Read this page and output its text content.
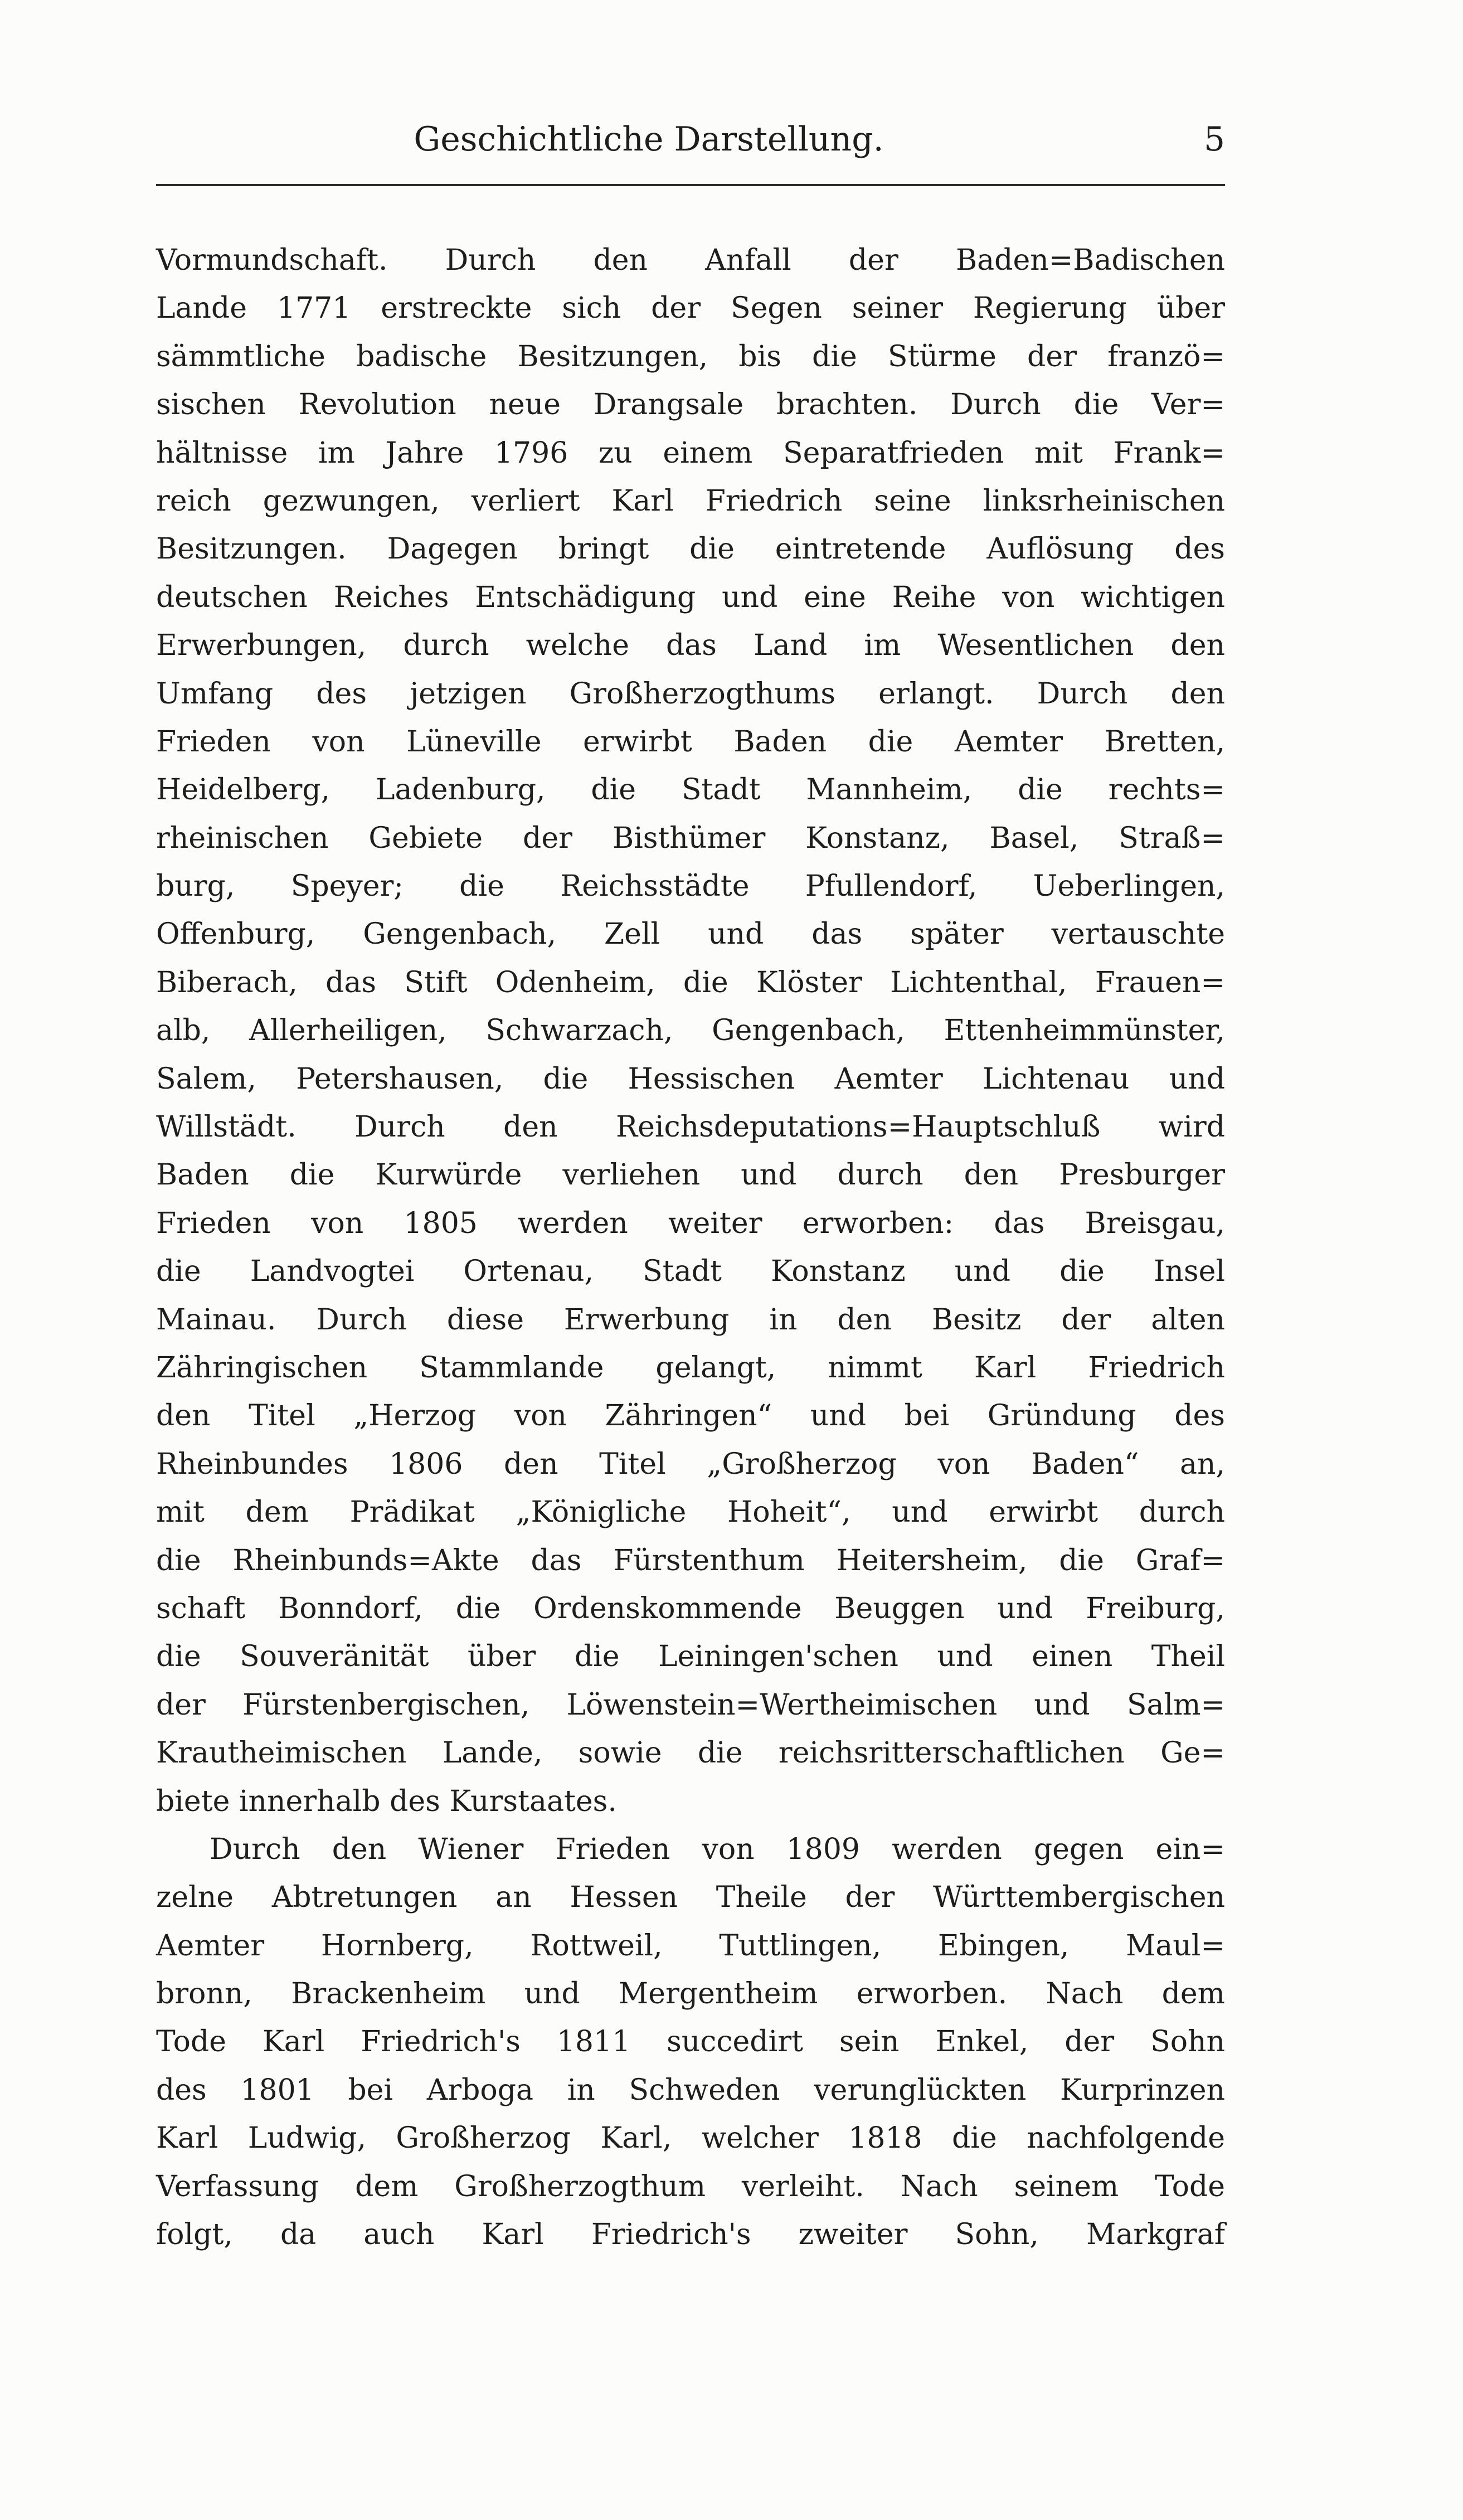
Geschichtliche Darstellung.	5
Vormundschaft. Durch den Anfall der Baden=Badischen
Lande 1771 erstreckte sich der Segen seiner Regierung über
sämmtliche badische Besitzungen, bis die Stürme der franzö=
sischen Revolution neue Drangsale brachten. Durch die Ver=
hältnisse im Jahre 1796 zu einem Separatfrieden mit Frank=
reich gezwungen, verliert Karl Friedrich seine linksrheinischen
Besitzungen. Dagegen bringt die eintretende Auflösung des
deutschen Reiches Entschädigung und eine Reihe von wichtigen
Erwerbungen, durch welche das Land im Wesentlichen den
Umfang des jetzigen Großherzogthums erlangt. Durch den
Frieden von Lüneville erwirbt Baden die Aemter Bretten,
Heidelberg, Ladenburg, die Stadt Mannheim, die rechts=
rheinischen Gebiete der Bisthümer Konstanz, Basel, Straß=
burg, Speyer; die Reichsstädte Pfullendorf, Ueberlingen,
Offenburg, Gengenbach, Zell und das später vertauschte
Biberach, das Stift Odenheim, die Klöster Lichtenthal, Frauen=
alb, Allerheiligen, Schwarzach, Gengenbach, Ettenheimmünster,
Salem, Petershausen, die Hessischen Aemter Lichtenau und
Willstädt. Durch den Reichsdeputations=Hauptschluß wird
Baden die Kurwürde verliehen und durch den Presburger
Frieden von 1805 werden weiter erworben: das Breisgau,
die Landvogtei Ortenau, Stadt Konstanz und die Insel
Mainau. Durch diese Erwerbung in den Besitz der alten
Zähringischen Stammlande gelangt, nimmt Karl Friedrich
den Titel „Herzog von Zähringen“ und bei Gründung des
Rheinbundes 1806 den Titel „Großherzog von Baden“ an,
mit dem Prädikat „Königliche Hoheit“, und erwirbt durch
die Rheinbunds=Akte das Fürstenthum Heitersheim, die Graf=
schaft Bonndorf, die Ordenskommende Beuggen und Freiburg,
die Souveränität über die Leiningen'schen und einen Theil
der Fürstenbergischen, Löwenstein=Wertheimischen und Salm=
Krautheimischen Lande, sowie die reichsritterschaftlichen Ge=
biete innerhalb des Kurstaates.
Durch den Wiener Frieden von 1809 werden gegen ein=
zelne Abtretungen an Hessen Theile der Württembergischen
Aemter Hornberg, Rottweil, Tuttlingen, Ebingen, Maul=
bronn, Brackenheim und Mergentheim erworben. Nach dem
Tode Karl Friedrich's 1811 succedirt sein Enkel, der Sohn
des 1801 bei Arboga in Schweden verunglückten Kurprinzen
Karl Ludwig, Großherzog Karl, welcher 1818 die nachfolgende
Verfassung dem Großherzogthum verleiht. Nach seinem Tode
folgt, da auch Karl Friedrich's zweiter Sohn, Markgraf
